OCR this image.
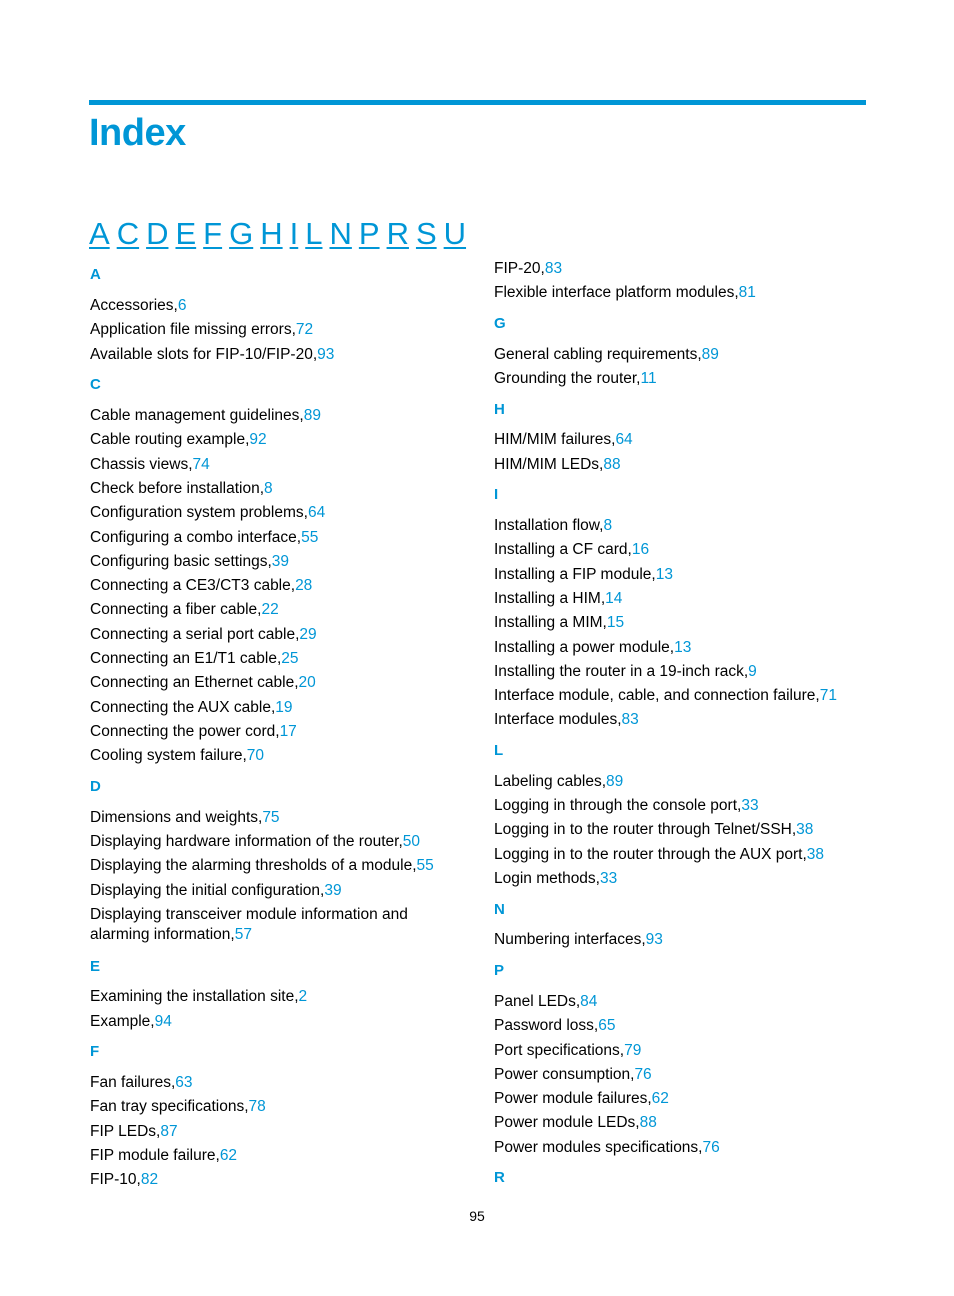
Index
A C D E F G H I L N P R S U
A
Accessories,6
Application file missing errors,72
Available slots for FIP-10/FIP-20,93
C
Cable management guidelines,89
Cable routing example,92
Chassis views,74
Check before installation,8
Configuration system problems,64
Configuring a combo interface,55
Configuring basic settings,39
Connecting a CE3/CT3 cable,28
Connecting a fiber cable,22
Connecting a serial port cable,29
Connecting an E1/T1 cable,25
Connecting an Ethernet cable,20
Connecting the AUX cable,19
Connecting the power cord,17
Cooling system failure,70
D
Dimensions and weights,75
Displaying hardware information of the router,50
Displaying the alarming thresholds of a module,55
Displaying the initial configuration,39
Displaying transceiver module information and alarming information,57
E
Examining the installation site,2
Example,94
F
Fan failures,63
Fan tray specifications,78
FIP LEDs,87
FIP module failure,62
FIP-10,82
FIP-20,83
Flexible interface platform modules,81
G
General cabling requirements,89
Grounding the router,11
H
HIM/MIM failures,64
HIM/MIM LEDs,88
I
Installation flow,8
Installing a CF card,16
Installing a FIP module,13
Installing a HIM,14
Installing a MIM,15
Installing a power module,13
Installing the router in a 19-inch rack,9
Interface module, cable, and connection failure,71
Interface modules,83
L
Labeling cables,89
Logging in through the console port,33
Logging in to the router through Telnet/SSH,38
Logging in to the router through the AUX port,38
Login methods,33
N
Numbering interfaces,93
P
Panel LEDs,84
Password loss,65
Port specifications,79
Power consumption,76
Power module failures,62
Power module LEDs,88
Power modules specifications,76
R
95
